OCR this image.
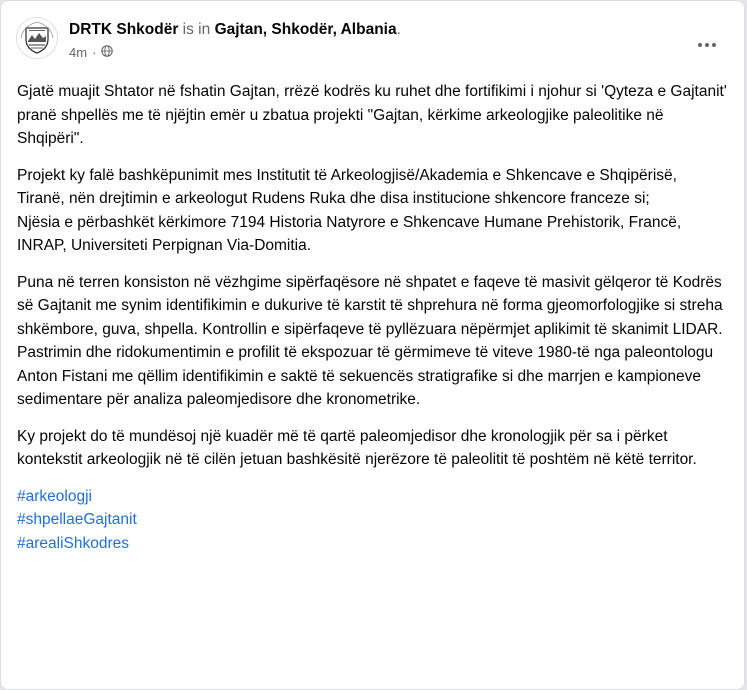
DRTK Shkodër is in Gajtan, Shkodër, Albania.
4m ·

Gjatë muajit Shtator në fshatin Gajtan, rrëzë kodrës ku ruhet dhe fortifikimi i njohur si 'Qyteza e Gajtanit' pranë shpellës me të njëjtin emër u zbatua projekti "Gajtan, kërkime arkeologjike paleolitike në Shqipëri".

Projekt ky falë bashkëpunimit mes Institutit të Arkeologjisë/Akademia e Shkencave e Shqipërisë, Tiranë, nën drejtimin e arkeologut Rudens Ruka dhe disa institucione shkencore franceze si;
Njësia e përbashkët kërkimore 7194 Historia Natyrore e Shkencave Humane Prehistorik, Francë, INRAP, Universiteti Perpignan Via-Domitia.

Puna në terren konsiston në vëzhgime sipërfaqësore në shpatet e faqeve të masivit gëlqeror të Kodrës së Gajtanit me synim identifikimin e dukurive të karstit të shprehura në forma gjeomorfologjike si streha shkëmbore, guva, shpella. Kontrollin e sipërfaqeve të pyllëzuara nëpërmjet aplikimit të skanimit LIDAR. Pastrimin dhe ridokumentimin e profilit të ekspozuar të gërmimeve të viteve 1980-të nga paleontologu Anton Fistani me qëllim identifikimin e saktë të sekuencës stratigrafike si dhe marrjen e kampioneve sedimentare për analiza paleomjedisore dhe kronometrike.

Ky projekt do të mundësoj një kuadër më të qartë paleomjedisor dhe kronologjik për sa i përket kontekstit arkeologjik në të cilën jetuan bashkësitë njerëzore të paleolitit të poshtëm në këtë territor.

#arkeologji
#shpellaeGajtanit
#arealiShkodres
